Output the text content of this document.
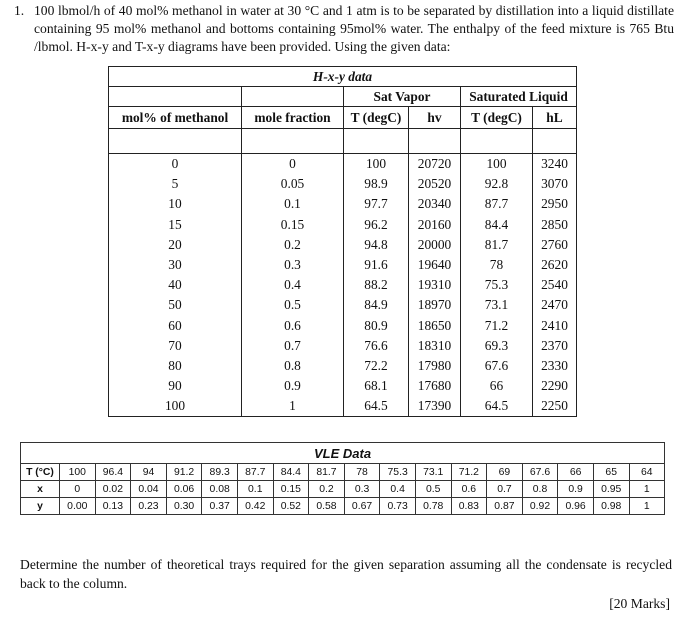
1. 100 lbmol/h of 40 mol% methanol in water at 30 °C and 1 atm is to be separated by distillation into a liquid distillate containing 95 mol% methanol and bottoms containing 95mol% water. The enthalpy of the feed mixture is 765 Btu /lbmol. H-x-y and T-x-y diagrams have been provided. Using the given data:

H-x-y data					
		Sat Vapor		Saturated Liquid	
mol% of methanol	mole fraction	T (degC)	hv	T (degC)	hL

0	0	100	20720	100	3240
5	0.05	98.9	20520	92.8	3070
10	0.1	97.7	20340	87.7	2950
15	0.15	96.2	20160	84.4	2850
20	0.2	94.8	20000	81.7	2760
30	0.3	91.6	19640	78	2620
40	0.4	88.2	19310	75.3	2540
50	0.5	84.9	18970	73.1	2470
60	0.6	80.9	18650	71.2	2410
70	0.7	76.6	18310	69.3	2370
80	0.8	72.2	17980	67.6	2330
90	0.9	68.1	17680	66	2290
100	1	64.5	17390	64.5	2250
VLE Data																	
T (°C)	100	96.4	94	91.2	89.3	87.7	84.4	81.7	78	75.3	73.1	71.2	69	67.6	66	65	64
x	0	0.02	0.04	0.06	0.08	0.1	0.15	0.2	0.3	0.4	0.5	0.6	0.7	0.8	0.9	0.95	1
y	0.00	0.13	0.23	0.30	0.37	0.42	0.52	0.58	0.67	0.73	0.78	0.83	0.87	0.92	0.96	0.98	1
Determine the number of theoretical trays required for the given separation assuming all the condensate is recycled back to the column.
[20 Marks]
